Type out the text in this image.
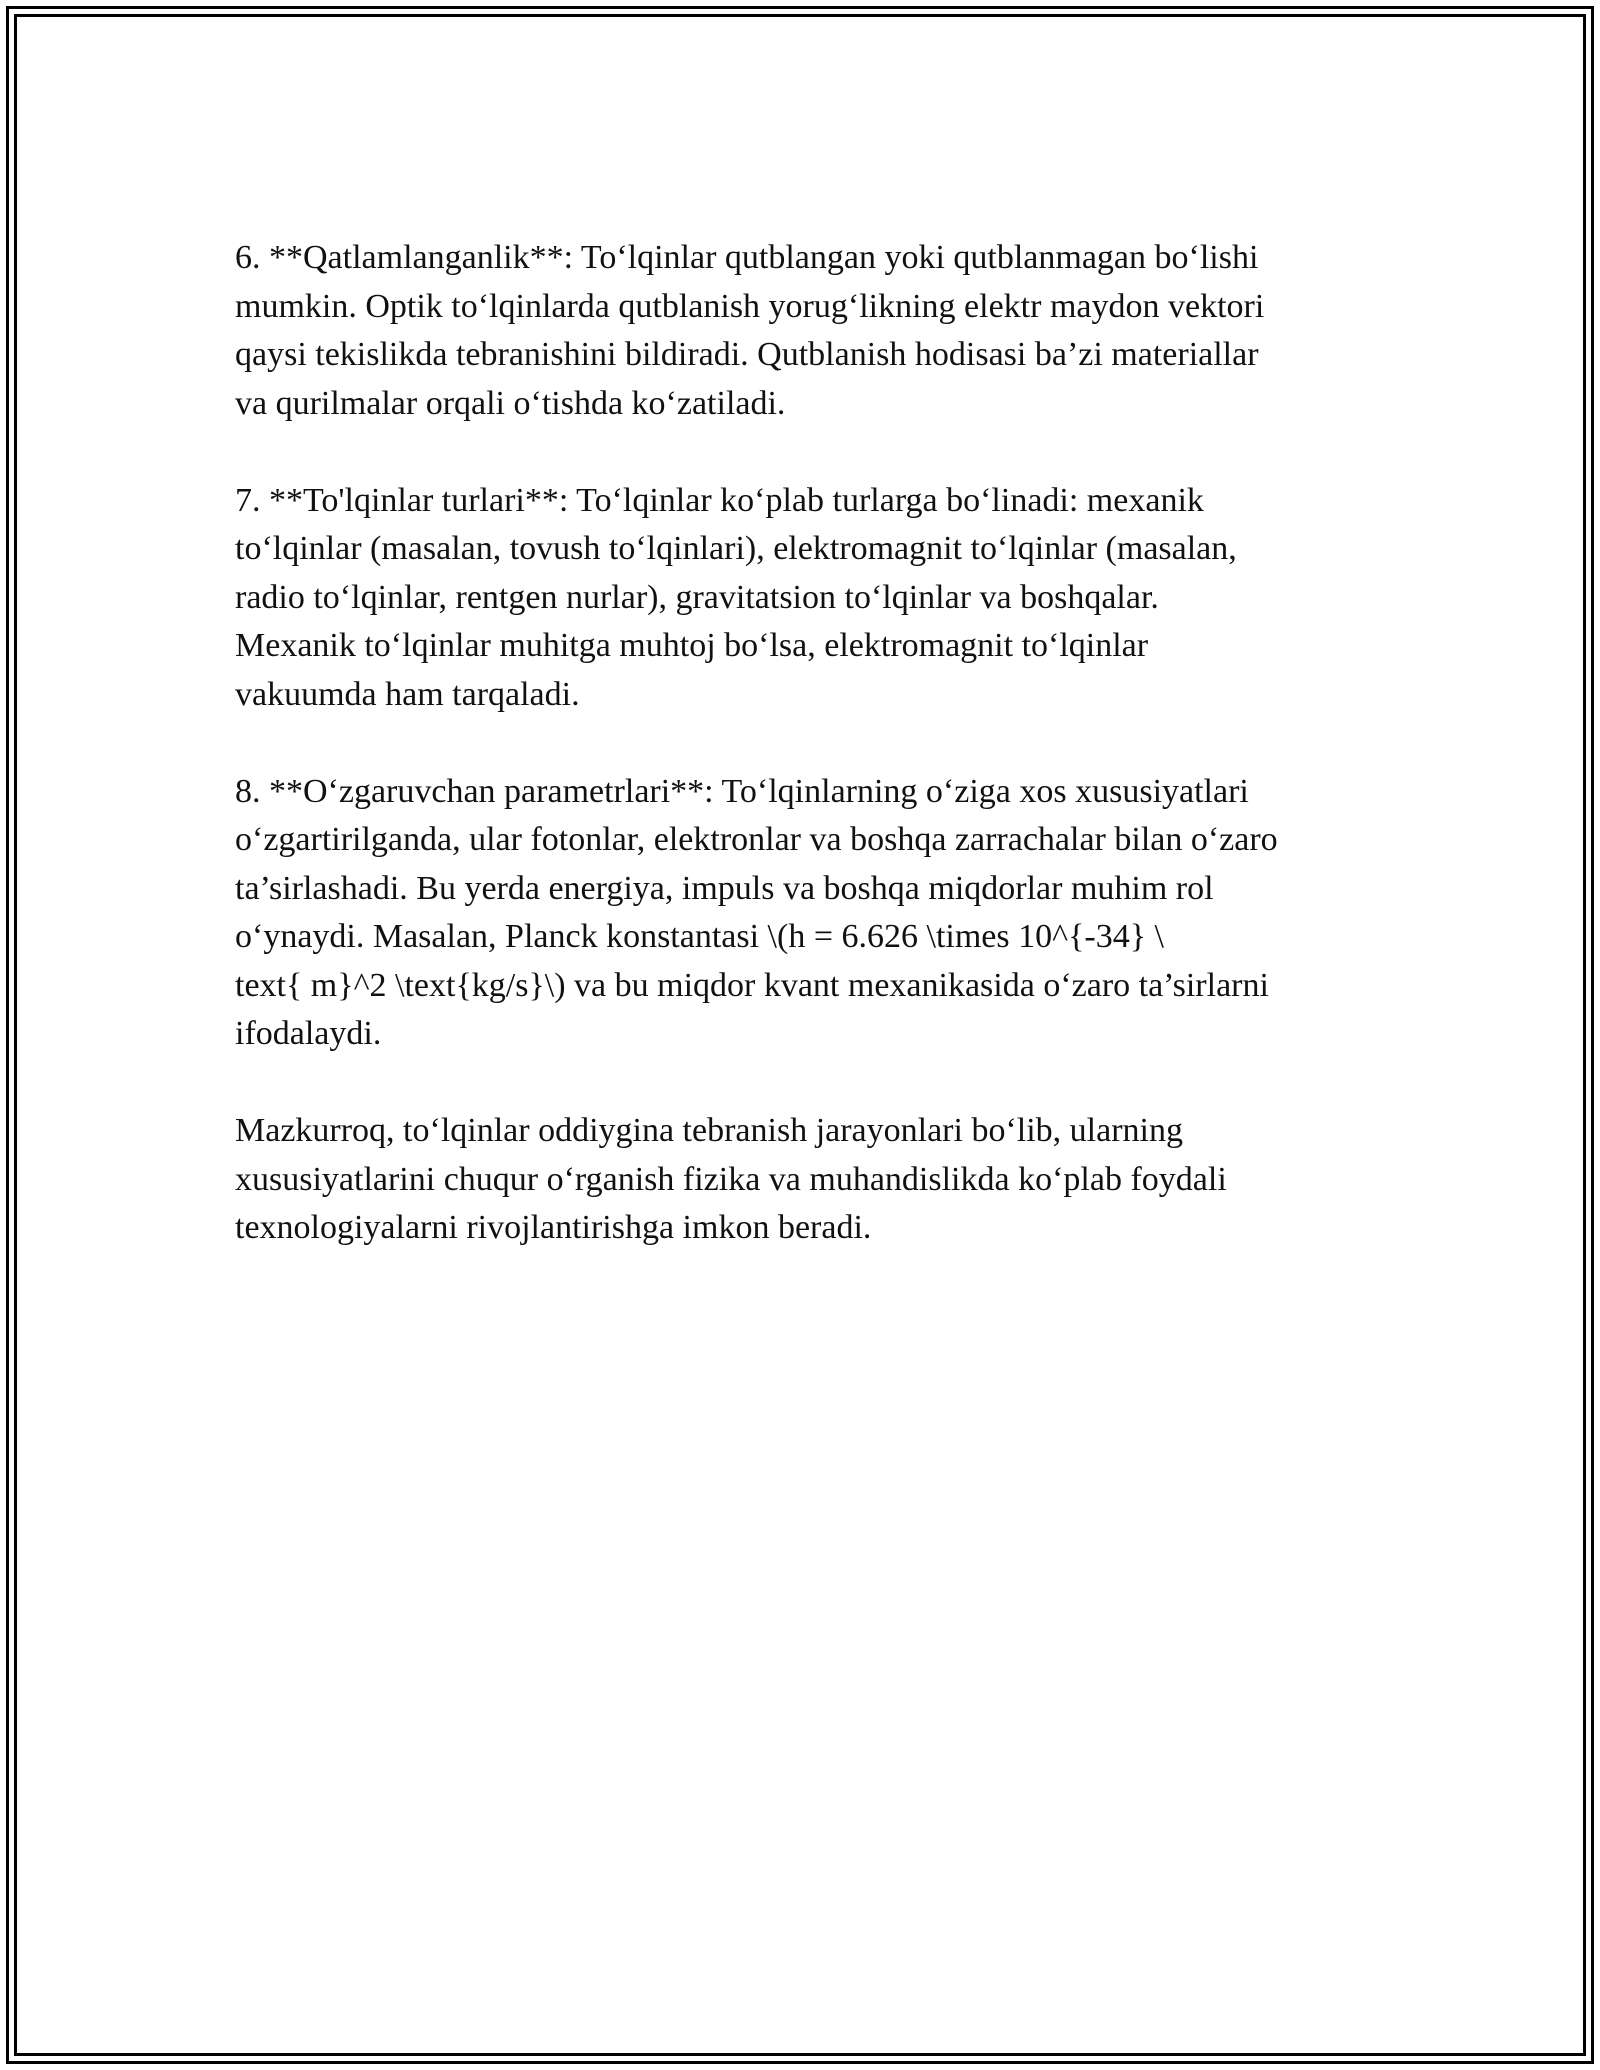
6. **Qatlamlanganlik**: To‘lqinlar qutblangan yoki qutblanmagan bo‘lishi
mumkin. Optik to‘lqinlarda qutblanish yorug‘likning elektr maydon vektori
qaysi tekislikda tebranishini bildiradi. Qutblanish hodisasi ba’zi materiallar
va qurilmalar orqali o‘tishda ko‘zatiladi.

7. **To'lqinlar turlari**: To‘lqinlar ko‘plab turlarga bo‘linadi: mexanik
to‘lqinlar (masalan, tovush to‘lqinlari), elektromagnit to‘lqinlar (masalan,
radio to‘lqinlar, rentgen nurlar), gravitatsion to‘lqinlar va boshqalar.
Mexanik to‘lqinlar muhitga muhtoj bo‘lsa, elektromagnit to‘lqinlar
vakuumda ham tarqaladi.

8. **O‘zgaruvchan parametrlari**: To‘lqinlarning o‘ziga xos xususiyatlari
o‘zgartirilganda, ular fotonlar, elektronlar va boshqa zarrachalar bilan o‘zaro
ta’sirlashadi. Bu yerda energiya, impuls va boshqa miqdorlar muhim rol
o‘ynaydi. Masalan, Planck konstantasi \(h = 6.626 \times 10^{-34} \
text{ m}^2 \text{kg/s}\) va bu miqdor kvant mexanikasida o‘zaro ta’sirlarni
ifodalaydi.

Mazkurroq, to‘lqinlar oddiygina tebranish jarayonlari bo‘lib, ularning
xususiyatlarini chuqur o‘rganish fizika va muhandislikda ko‘plab foydali
texnologiyalarni rivojlantirishga imkon beradi.
